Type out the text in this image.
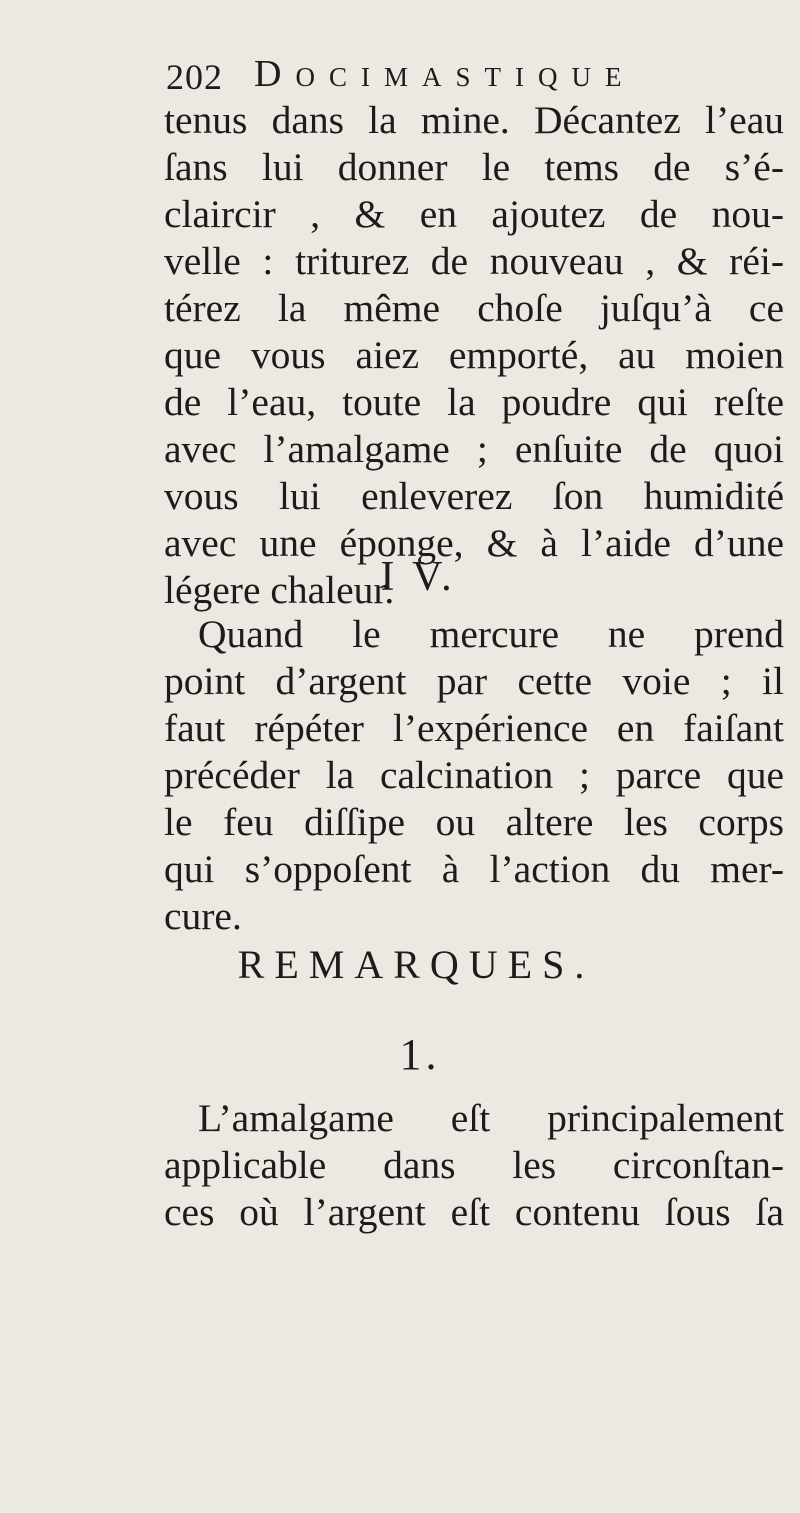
202 Docimastique
tenus dans la mine. Décantez l’eau
ſans lui donner le tems de s’é-
claircir , & en ajoutez de nou-
velle : triturez de nouveau , & réi-
térez la même choſe juſqu’à ce
que vous aiez emporté, au moien
de l’eau, toute la poudre qui reſte
avec l’amalgame ; enſuite de quoi
vous lui enleverez ſon humidité
avec une éponge, & à l’aide d’une
légere chaleur.
I V.
Quand le mercure ne prend
point d’argent par cette voie ; il
faut répéter l’expérience en faiſant
précéder la calcination ; parce que
le feu diſſipe ou altere les corps
qui s’oppoſent à l’action du mer-
cure.
REMARQUES.
1.
L’amalgame eſt principalement
applicable dans les circonſtan-
ces où l’argent eſt contenu ſous ſa
